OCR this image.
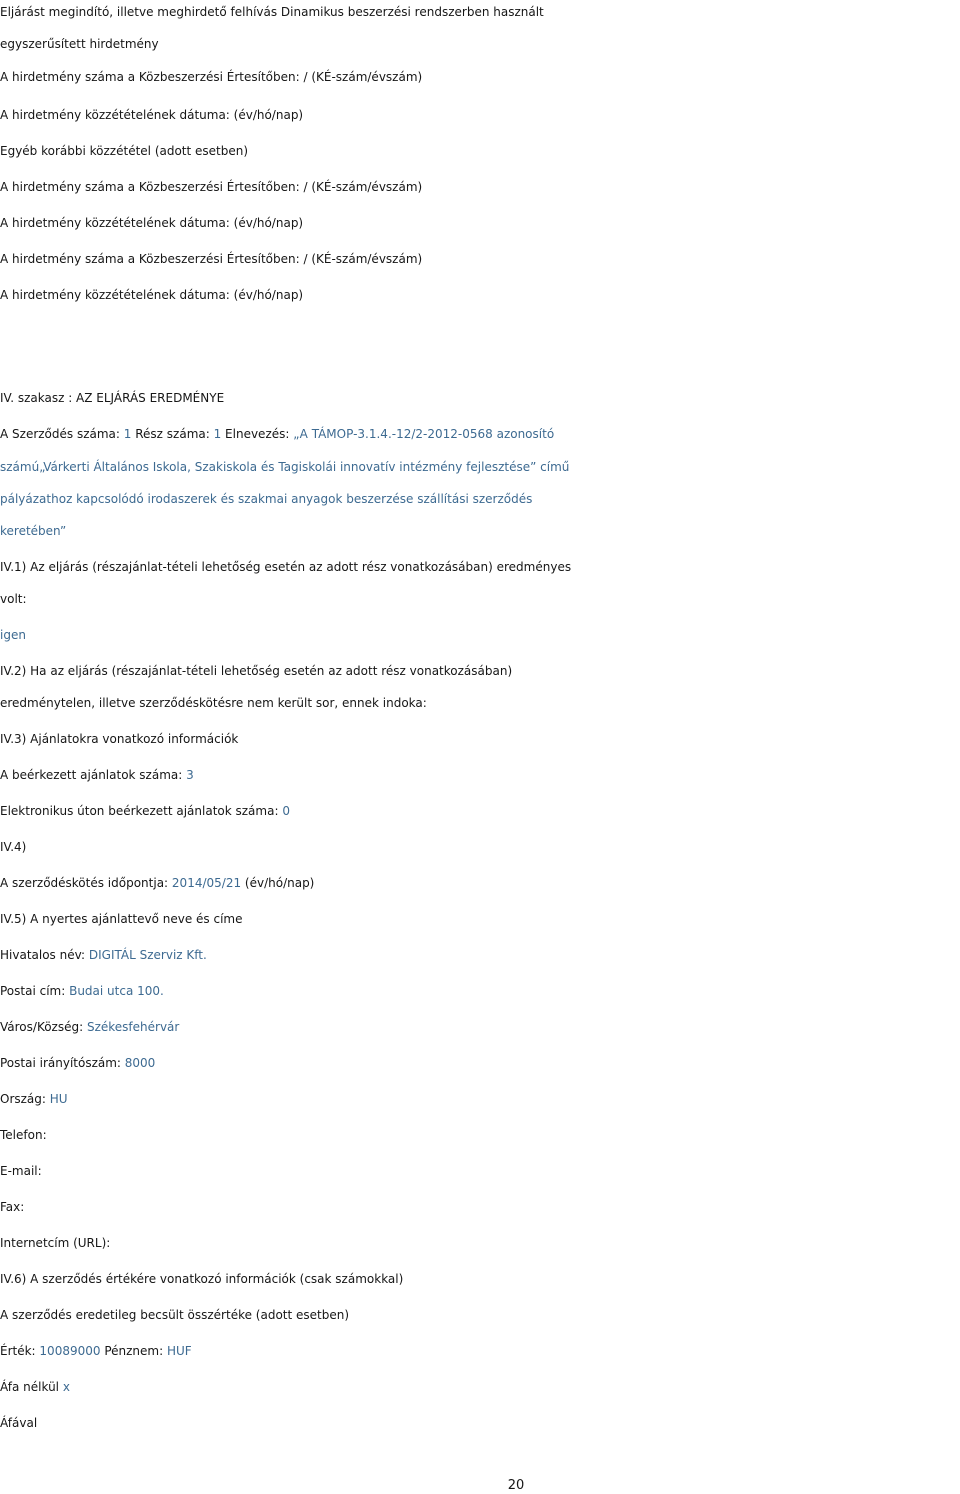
Eljárást megindító, illetve meghirdető felhívás Dinamikus beszerzési rendszerben használt
egyszerűsített hirdetmény
A hirdetmény száma a Közbeszerzési Értesítőben: / (KÉ-szám/évszám)
A hirdetmény közzétételének dátuma: (év/hó/nap)
Egyéb korábbi közzététel (adott esetben)
A hirdetmény száma a Közbeszerzési Értesítőben: / (KÉ-szám/évszám)
A hirdetmény közzétételének dátuma: (év/hó/nap)
A hirdetmény száma a Közbeszerzési Értesítőben: / (KÉ-szám/évszám)
A hirdetmény közzétételének dátuma: (év/hó/nap)
IV. szakasz : AZ ELJÁRÁS EREDMÉNYE
A Szerződés száma: 1 Rész száma: 1 Elnevezés: „A TÁMOP-3.1.4.-12/2-2012-0568 azonosító
számú„Várkerti Általános Iskola, Szakiskola és Tagiskolái innovatív intézmény fejlesztése” című
pályázathoz kapcsolódó irodaszerek és szakmai anyagok beszerzése szállítási szerződés
keretében”
IV.1) Az eljárás (részajánlat-tételi lehetőség esetén az adott rész vonatkozásában) eredményes
volt:
igen
IV.2) Ha az eljárás (részajánlat-tételi lehetőség esetén az adott rész vonatkozásában)
eredménytelen, illetve szerződéskötésre nem került sor, ennek indoka:
IV.3) Ajánlatokra vonatkozó információk
A beérkezett ajánlatok száma: 3
Elektronikus úton beérkezett ajánlatok száma: 0
IV.4)
A szerződéskötés időpontja: 2014/05/21 (év/hó/nap)
IV.5) A nyertes ajánlattevő neve és címe
Hivatalos név: DIGITÁL Szerviz Kft.
Postai cím: Budai utca 100.
Város/Község: Székesfehérvár
Postai irányítószám: 8000
Ország: HU
Telefon:
E-mail:
Fax:
Internetcím (URL):
IV.6) A szerződés értékére vonatkozó információk (csak számokkal)
A szerződés eredetileg becsült összértéke (adott esetben)
Érték: 10089000 Pénznem: HUF
Áfa nélkül x
Áfával
20
